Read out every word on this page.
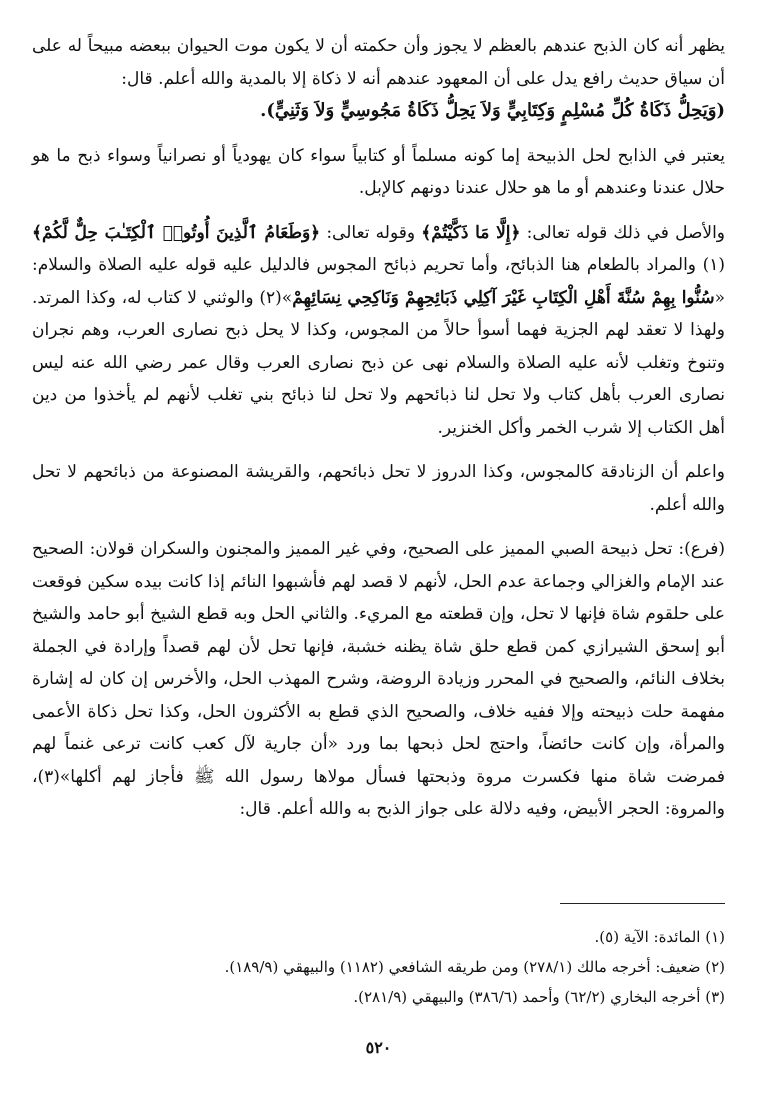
يظهر أنه كان الذبح عندهم بالعظم لا يجوز وأن حكمته أن لا يكون موت الحيوان ببعضه مبيحاً له على أن سياق حديث رافع يدل على أن المعهود عندهم أنه لا ذكاة إلا بالمدية والله أعلم. قال:

(وَيَحِلُّ ذَكَاةُ كُلِّ مُسْلِمٍ وَكِتَابِيٍّ وَلاَ يَحِلُّ ذَكَاةُ مَجُوسِيٍّ وَلاَ وَثَنِيٍّ).

يعتبر في الذابح لحل الذبيحة إما كونه مسلماً أو كتابياً سواء كان يهودياً أو نصرانياً وسواء ذبح ما هو حلال عندنا وعندهم أو ما هو حلال عندنا دونهم كالإبل.

والأصل في ذلك قوله تعالى: ﴿إِلَّا مَا ذَكَّيْتُمْ﴾ وقوله تعالى: ﴿وَطَعَامُ ٱلَّذِينَ أُوتُوا۟ ٱلْكِتَـٰبَ حِلٌّ لَّكُمْ﴾(١) والمراد بالطعام هنا الذبائح، وأما تحريم ذبائح المجوس فالدليل عليه قوله عليه الصلاة والسلام: «سُنُّوا بِهِمْ سُنَّةَ أَهْلِ الْكِتَابِ غَيْرَ آكِلِي ذَبَائِحِهِمْ وَنَاكِحِي نِسَائِهِمْ»(٢) والوثني لا كتاب له، وكذا المرتد. ولهذا لا تعقد لهم الجزية فهما أسوأ حالاً من المجوس، وكذا لا يحل ذبح نصارى العرب، وهم نجران وتنوخ وتغلب لأنه عليه الصلاة والسلام نهى عن ذبح نصارى العرب وقال عمر رضي الله عنه ليس نصارى العرب بأهل كتاب ولا تحل لنا ذبائحهم ولا تحل لنا ذبائح بني تغلب لأنهم لم يأخذوا من دين أهل الكتاب إلا شرب الخمر وأكل الخنزير.

واعلم أن الزنادقة كالمجوس، وكذا الدروز لا تحل ذبائحهم، والقريشة المصنوعة من ذبائحهم لا تحل والله أعلم.

(فرع): تحل ذبيحة الصبي المميز على الصحيح، وفي غير المميز والمجنون والسكران قولان: الصحيح عند الإمام والغزالي وجماعة عدم الحل، لأنهم لا قصد لهم فأشبهوا النائم إذا كانت بيده سكين فوقعت على حلقوم شاة فإنها لا تحل، وإن قطعته مع المريء. والثاني الحل وبه قطع الشيخ أبو حامد والشيخ أبو إسحق الشيرازي كمن قطع حلق شاة يظنه خشبة، فإنها تحل لأن لهم قصداً وإرادة في الجملة بخلاف النائم، والصحيح في المحرر وزيادة الروضة، وشرح المهذب الحل، والأخرس إن كان له إشارة مفهمة حلت ذبيحته وإلا ففيه خلاف، والصحيح الذي قطع به الأكثرون الحل، وكذا تحل ذكاة الأعمى والمرأة، وإن كانت حائضاً، واحتج لحل ذبحها بما ورد «أن جارية لآل كعب كانت ترعى غنماً لهم فمرضت شاة منها فكسرت مروة وذبحتها فسأل مولاها رسول الله ﷺ فأجاز لهم أكلها»(٣)، والمروة: الحجر الأبيض، وفيه دلالة على جواز الذبح به والله أعلم. قال:

(١) المائدة: الآية (٥).

(٢) ضعيف: أخرجه مالك (٢٧٨/١) ومن طريقه الشافعي (١١٨٢) والبيهقي (١٨٩/٩).

(٣) أخرجه البخاري (٦٢/٢) وأحمد (٣٨٦/٦) والبيهقي (٢٨١/٩).

٥٢٠
